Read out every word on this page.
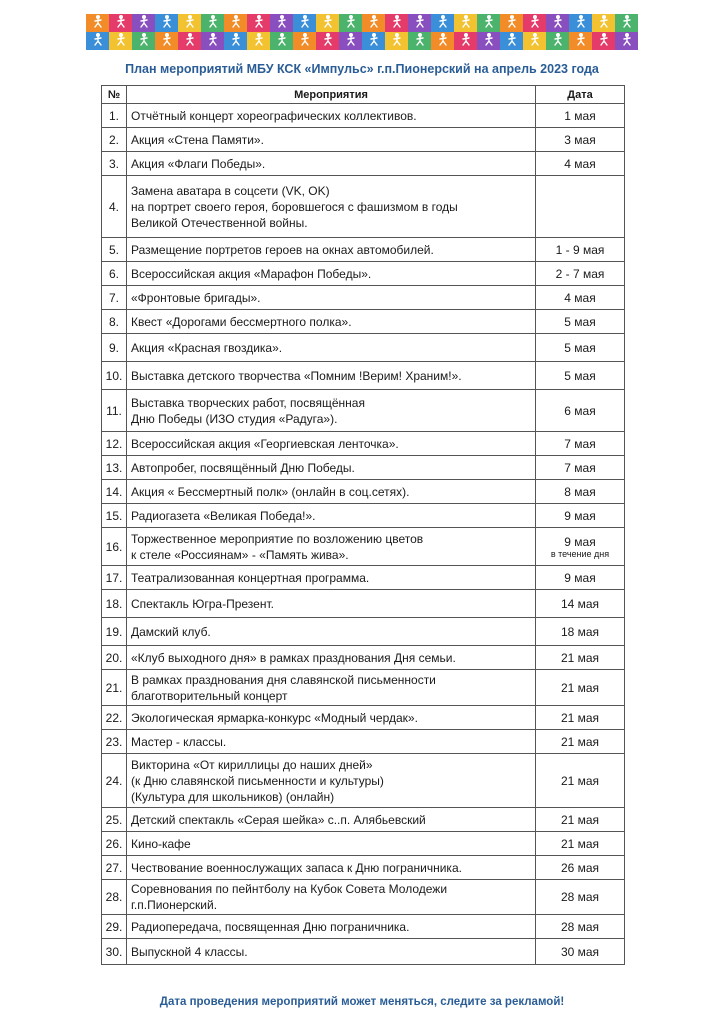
План мероприятий МБУ КСК «Импульс» г.п.Пионерский на апрель 2023 года
№	Мероприятия	Дата
1.	Отчётный концерт хореографических коллективов.	1 мая
2.	Акция «Стена Памяти».	3 мая
3.	Акция «Флаги Победы».	4 мая
4.	Замена аватара в соцсети (VK, OK)
на портрет своего героя, боровшегося с фашизмом в годы
Великой Отечественной войны.	

5.	Размещение портретов героев на окнах автомобилей.	1 - 9 мая
6.	Всероссийская акция «Марафон Победы».	2 - 7 мая
7.	«Фронтовые бригады».	4 мая
8.	Квест «Дорогами бессмертного полка».	5 мая
9.	Акция «Красная гвоздика».	5 мая
10.	Выставка детского творчества «Помним !Верим! Храним!».	5 мая
11.	Выставка творческих работ, посвящённая
Дню Победы (ИЗО студия «Радуга»).	6 мая
12.	Всероссийская акция «Георгиевская ленточка».	7 мая
13.	Автопробег, посвящённый Дню Победы.	7 мая
14.	Акция « Бессмертный полк» (онлайн в соц.сетях).	8 мая
15.	Радиогазета «Великая Победа!».	9 мая
16.	Торжественное мероприятие по возложению цветов
к стеле «Россиянам» - «Память жива».	9 мая
в течение дня

17.	Театрализованная концертная программа.	9 мая
18.	Спектакль Югра-Презент.	14 мая
19.	Дамский клуб.	18 мая
20.	«Клуб выходного дня» в рамках празднования Дня семьи.	21 мая
21.	В рамках празднования дня славянской письменности
благотворительный концерт	21 мая
22.	Экологическая ярмарка-конкурс «Модный чердак».	21 мая
23.	Мастер - классы.	21 мая
24.	Викторина «От кириллицы до наших дней»
(к Дню славянской письменности и культуры)
(Культура для школьников) (онлайн)	21 мая
25.	Детский спектакль «Серая шейка» с..п. Алябьевский	21 мая
26.	Кино-кафе	21 мая
27.	Чествование военнослужащих запаса к Дню пограничника.	26 мая
28.	Соревнования по пейнтболу на Кубок Совета Молодежи
г.п.Пионерский.	28 мая
29.	Радиопередача, посвященная Дню пограничника.	28 мая
30.	Выпускной 4 классы.	30 мая
Дата проведения мероприятий может меняться, следите за рекламой!
